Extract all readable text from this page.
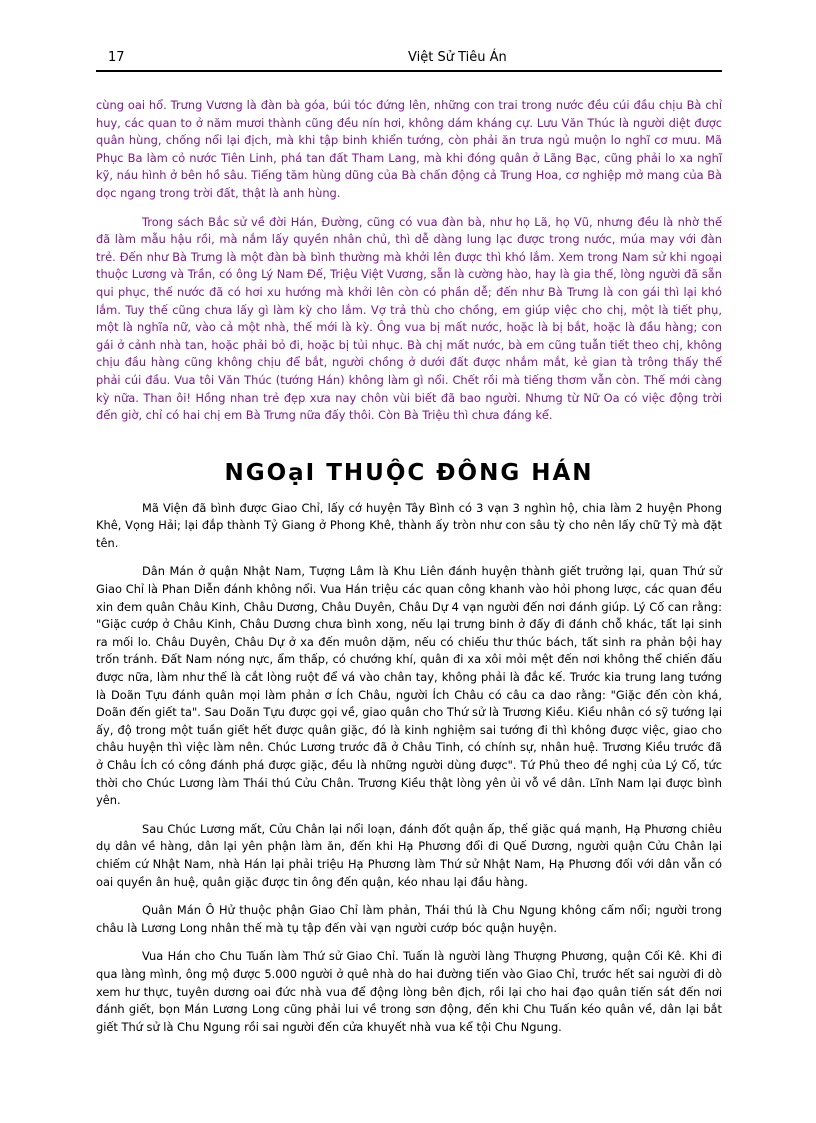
17	Việt Sử Tiêu Án

cùng oai hổ. Trưng Vương là đàn bà góa, búi tóc đứng lên, những con trai trong nước đều cúi đầu chịu Bà chỉ huy, các quan to ở năm mươi thành cũng đều nín hơi, không dám kháng cự. Lưu Văn Thúc là người diệt được quân hùng, chống nổi lại địch, mà khi tập binh khiển tướng, còn phải ăn trưa ngủ muộn lo nghĩ cơ mưu. Mã Phục Ba làm cỏ nước Tiên Linh, phá tan đất Tham Lang, mà khi đóng quân ở Lãng Bạc, cũng phải lo xa nghĩ kỹ, náu hình ở bên hồ sâu. Tiếng tăm hùng dũng của Bà chấn động cả Trung Hoa, cơ nghiệp mở mang của Bà dọc ngang trong trời đất, thật là anh hùng.

Trong sách Bắc sử về đời Hán, Đường, cũng có vua đàn bà, như họ Lã, họ Vũ, nhưng đều là nhờ thế đã làm mẫu hậu rồi, mà nắm lấy quyền nhân chủ, thì dễ dàng lung lạc được trong nước, múa may với đàn trẻ. Đến như Bà Trưng là một đàn bà bình thường mà khởi lên được thì khó lắm. Xem trong Nam sử khi ngoại thuộc Lương và Trần, có ông Lý Nam Đế, Triệu Việt Vương, sẵn là cường hào, hay là gia thế, lòng người đã sẵn qui phục, thế nước đã có hơi xu hướng mà khởi lên còn có phần dễ; đến như Bà Trưng là con gái thì lại khó lắm. Tuy thế cũng chưa lấy gì làm kỳ cho lắm. Vợ trả thù cho chồng, em giúp việc cho chị, một là tiết phụ, một là nghĩa nữ, vào cả một nhà, thế mới là kỳ. Ông vua bị mất nước, hoặc là bị bắt, hoặc là đầu hàng; con gái ở cảnh nhà tan, hoặc phải bỏ đi, hoặc bị tủi nhục. Bà chị mất nước, bà em cũng tuẫn tiết theo chị, không chịu đầu hàng cũng không chịu để bắt, người chồng ở dưới đất được nhắm mắt, kẻ gian tà trông thấy thế phải cúi đầu. Vua tôi Văn Thúc (tướng Hán) không làm gì nổi. Chết rồi mà tiếng thơm vẫn còn. Thế mới càng kỳ nữa. Than ôi! Hồng nhan trẻ đẹp xưa nay chôn vùi biết đã bao người. Nhưng từ Nữ Oa có việc động trời đến giờ, chỉ có hai chị em Bà Trưng nữa đấy thôi. Còn Bà Triệu thì chưa đáng kể.

NGOạI THUỘC ĐÔNG HÁN

Mã Viện đã bình được Giao Chỉ, lấy cớ huyện Tây Bình có 3 vạn 3 nghìn hộ, chia làm 2 huyện Phong Khê, Vọng Hải; lại đắp thành Tỷ Giang ở Phong Khê, thành ấy tròn như con sâu tỳ cho nên lấy chữ Tỷ mà đặt tên.

Dân Mán ở quận Nhật Nam, Tượng Lâm là Khu Liên đánh huyện thành giết trưởng lại, quan Thứ sử Giao Chỉ là Phan Diễn đánh không nổi. Vua Hán triệu các quan công khanh vào hỏi phong lược, các quan đều xin đem quân Châu Kinh, Châu Dương, Châu Duyên, Châu Dự 4 vạn người đến nơi đánh giúp. Lý Cố can rằng: "Giặc cướp ở Châu Kinh, Châu Dương chưa bình xong, nếu lại trưng binh ở đấy đi đánh chỗ khác, tất lại sinh ra mối lo. Châu Duyên, Châu Dự ở xa đến muôn dặm, nếu có chiếu thư thúc bách, tất sinh ra phản bội hay trốn tránh. Đất Nam nóng nực, ẩm thấp, có chướng khí, quân đi xa xôi mỏi mệt đến nơi không thể chiến đấu được nữa, làm như thế là cắt lòng ruột để vá vào chân tay, không phải là đắc kế. Trước kia trung lang tướng là Doãn Tựu đánh quân mọi làm phản ơ Ích Châu, người Ích Châu có câu ca dao rằng: "Giặc đến còn khá, Doãn đến giết ta". Sau Doãn Tựu được gọi về, giao quân cho Thứ sử là Trương Kiều. Kiều nhân có sỹ tướng lại ấy, độ trong một tuần giết hết được quân giặc, đó là kinh nghiệm sai tướng đi thì không được việc, giao cho châu huyện thì việc làm nên. Chúc Lương trước đã ở Châu Tinh, có chính sự, nhân huệ. Trương Kiều trước đã ở Châu Ích có công đánh phá được giặc, đều là những người dùng được". Tứ Phủ theo đề nghị của Lý Cố, tức thời cho Chúc Lương làm Thái thú Cửu Chân. Trương Kiều thật lòng yên ủi vỗ về dân. Lĩnh Nam lại được bình yên.

Sau Chúc Lương mất, Cửu Chân lại nổi loạn, đánh đốt quận ấp, thế giặc quá mạnh, Hạ Phương chiêu dụ dân về hàng, dân lại yên phận làm ăn, đến khi Hạ Phương đổi đi Quế Dương, người quận Cửu Chân lại chiếm cứ Nhật Nam, nhà Hán lại phải triệu Hạ Phương làm Thứ sử Nhật Nam, Hạ Phương đối với dân vẫn có oai quyền ân huệ, quân giặc được tin ông đến quận, kéo nhau lại đầu hàng.

Quân Mán Ô Hử thuộc phận Giao Chỉ làm phản, Thái thú là Chu Ngung không cấm nổi; người trong châu là Lương Long nhân thế mà tụ tập đến vài vạn người cướp bóc quận huyện.

Vua Hán cho Chu Tuấn làm Thứ sử Giao Chỉ. Tuấn là người làng Thượng Phương, quận Cối Kê. Khi đi qua làng mình, ông mộ được 5.000 người ở quê nhà do hai đường tiến vào Giao Chỉ, trước hết sai người đi dò xem hư thực, tuyên dương oai đức nhà vua để động lòng bên địch, rồi lại cho hai đạo quân tiến sát đến nơi đánh giết, bọn Mán Lương Long cũng phải lui về trong sơn động, đến khi Chu Tuấn kéo quân về, dân lại bắt giết Thứ sử là Chu Ngung rồi sai người đến cửa khuyết nhà vua kể tội Chu Ngung.
